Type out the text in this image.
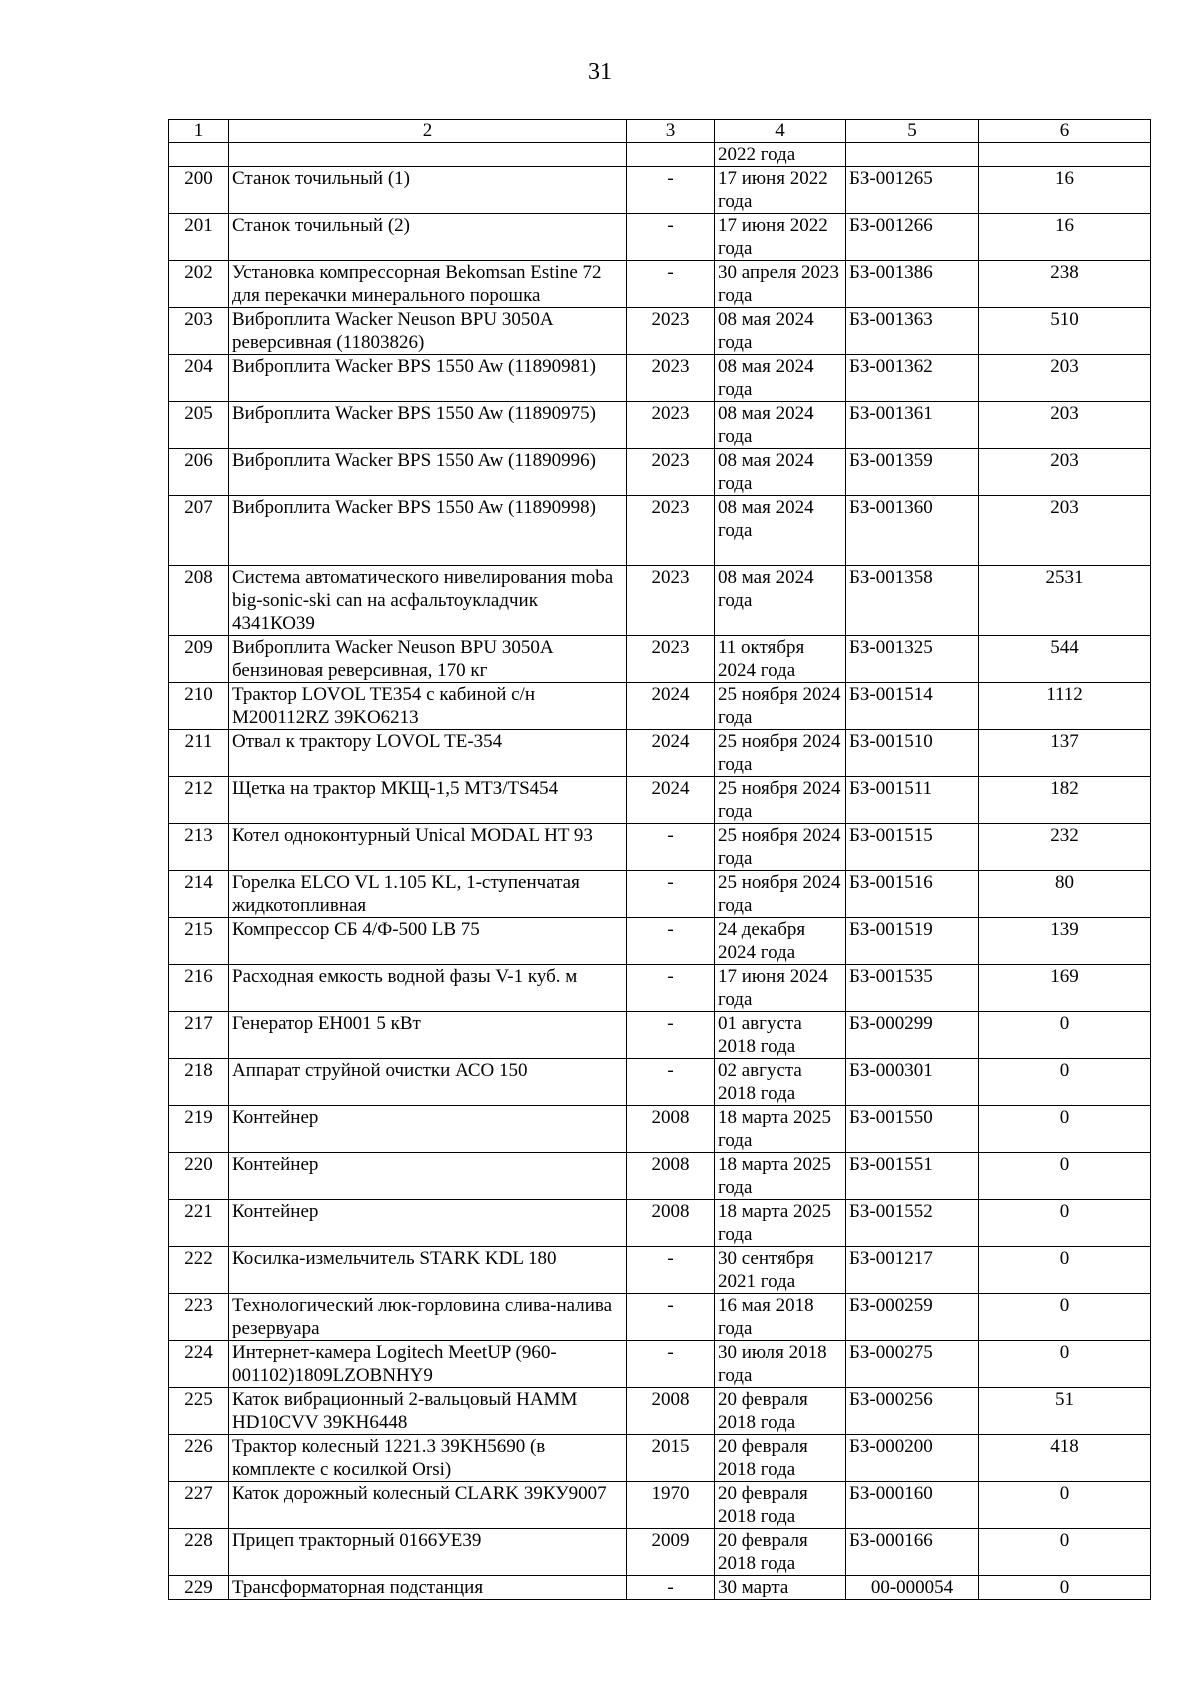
31
1	2	3	4	5	6
			2022 года		
200	Станок точильный (1)	-	17 июня 2022 года	БЗ-001265	16
201	Станок точильный (2)	-	17 июня 2022 года	БЗ-001266	16
202	Установка компрессорная Bekomsan Estine 72 для перекачки минерального порошка	-	30 апреля 2023 года	БЗ-001386	238
203	Виброплита Wacker Neuson BPU 3050A реверсивная (11803826)	2023	08 мая 2024 года	БЗ-001363	510
204	Виброплита Wacker BPS 1550 Aw (11890981)	2023	08 мая 2024 года	БЗ-001362	203
205	Виброплита Wacker BPS 1550 Aw (11890975)	2023	08 мая 2024 года	БЗ-001361	203
206	Виброплита Wacker BPS 1550 Aw (11890996)	2023	08 мая 2024 года	БЗ-001359	203
207	Виброплита Wacker BPS 1550 Aw (11890998)	2023	08 мая 2024 года	БЗ-001360	203
208	Система автоматического нивелирования moba big-sonic-ski can на асфальтоукладчик 4341КО39	2023	08 мая 2024 года	БЗ-001358	2531
209	Виброплита Wacker Neuson BPU 3050A бензиновая реверсивная, 170 кг	2023	11 октября 2024 года	БЗ-001325	544
210	Трактор LOVOL TE354 с кабиной с/н M200112RZ 39KO6213	2024	25 ноября 2024 года	БЗ-001514	1112
211	Отвал к трактору LOVOL TE-354	2024	25 ноября 2024 года	БЗ-001510	137
212	Щетка на трактор МКЩ-1,5 МТЗ/TS454	2024	25 ноября 2024 года	БЗ-001511	182
213	Котел одноконтурный Unical MODAL HT 93	-	25 ноября 2024 года	БЗ-001515	232
214	Горелка ELCO VL 1.105 KL, 1-ступенчатая жидкотопливная	-	25 ноября 2024 года	БЗ-001516	80
215	Компрессор СБ 4/Ф-500 LB 75	-	24 декабря 2024 года	БЗ-001519	139
216	Расходная емкость водной фазы V-1 куб. м	-	17 июня 2024 года	БЗ-001535	169
217	Генератор EH001 5 кВт	-	01 августа 2018 года	БЗ-000299	0
218	Аппарат струйной очистки АСО 150	-	02 августа 2018 года	БЗ-000301	0
219	Контейнер	2008	18 марта 2025 года	БЗ-001550	0
220	Контейнер	2008	18 марта 2025 года	БЗ-001551	0
221	Контейнер	2008	18 марта 2025 года	БЗ-001552	0
222	Косилка-измельчитель STARK KDL 180	-	30 сентября 2021 года	БЗ-001217	0
223	Технологический люк-горловина слива-налива резервуара	-	16 мая 2018 года	БЗ-000259	0
224	Интернет-камера Logitech MeetUP (960-001102)1809LZOBNHY9	-	30 июля 2018 года	БЗ-000275	0
225	Каток вибрационный 2-вальцовый HAMM HD10CVV 39KH6448	2008	20 февраля 2018 года	БЗ-000256	51
226	Трактор колесный 1221.3 39KH5690 (в комплекте с косилкой Orsi)	2015	20 февраля 2018 года	БЗ-000200	418
227	Каток дорожный колесный CLARK 39КУ9007	1970	20 февраля 2018 года	БЗ-000160	0
228	Прицеп тракторный 0166УЕ39	2009	20 февраля 2018 года	БЗ-000166	0
229	Трансформаторная подстанция	-	30 марта	00-000054	0
